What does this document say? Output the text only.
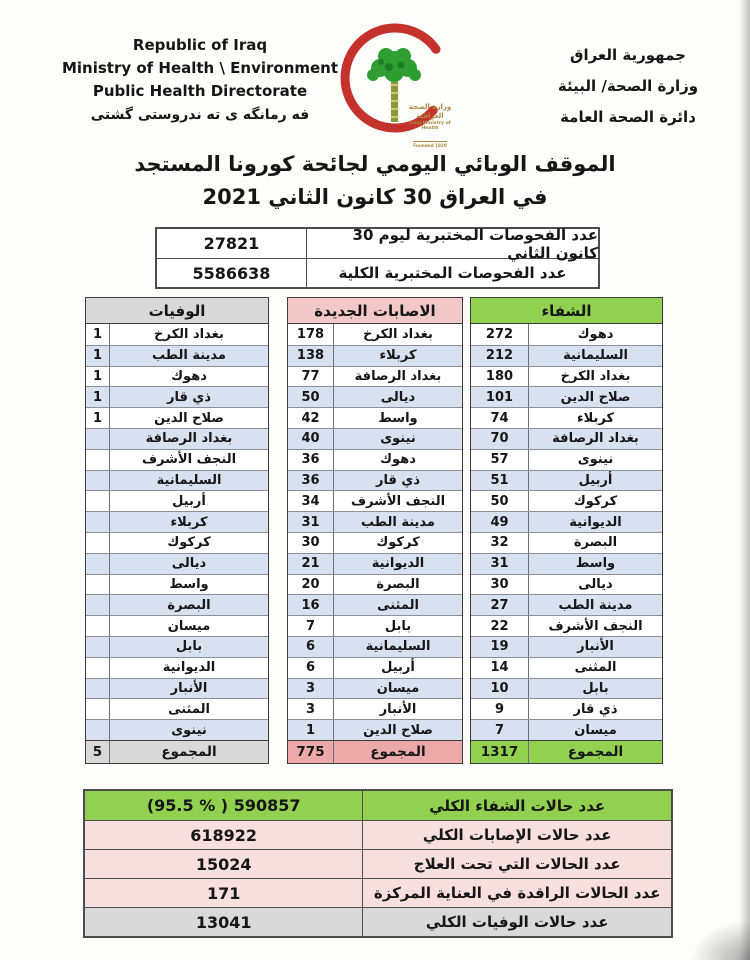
Republic of Iraq
Ministry of Health \ Environment
Public Health Directorate
فه رمانگه ی ته ندروستی گشتی	وزارة الصحة العراقية
Iraqi Ministry of Health
Founded 1920
جمهورية العراق
وزارة الصحة/ البيئة
دائرة الصحة العامة
الموقف الوبائي اليومي لجائحة كورونا المستجد
في العراق 30 كانون الثاني 2021
27821	عدد الفحوصات المختبرية ليوم 30 كانون الثاني
5586638	عدد الفحوصات المختبرية الكلية
الوفيات
1	بغداد الكرخ
1	مدينة الطب
1	دهوك
1	ذي قار
1	صلاح الدين
بغداد الرصافة
النجف الأشرف
السليمانية
أربيل
كربلاء
كركوك
ديالى
واسط
البصرة
ميسان
بابل
الديوانية
الأنبار
المثنى
نينوى
5	المجموع
الاصابات الجديدة
178	بغداد الكرخ
138	كربلاء
77	بغداد الرصافة
50	ديالى
42	واسط
40	نينوى
36	دهوك
36	ذي قار
34	النجف الأشرف
31	مدينة الطب
30	كركوك
21	الديوانية
20	البصرة
16	المثنى
7	بابل
6	السليمانية
6	أربيل
3	ميسان
3	الأنبار
1	صلاح الدين
775	المجموع
الشفاء
272	دهوك
212	السليمانية
180	بغداد الكرخ
101	صلاح الدين
74	كربلاء
70	بغداد الرصافة
57	نينوى
51	أربيل
50	كركوك
49	الديوانية
32	البصرة
31	واسط
30	ديالى
27	مدينة الطب
22	النجف الأشرف
19	الأنبار
14	المثنى
10	بابل
9	ذي قار
7	ميسان
1317	المجموع
(95.5 % ) 590857	عدد حالات الشفاء الكلي
618922	عدد حالات الإصابات الكلي
15024	عدد الحالات التي تحت العلاج
171	عدد الحالات الراقدة في العناية المركزة
13041	عدد حالات الوفيات الكلي
